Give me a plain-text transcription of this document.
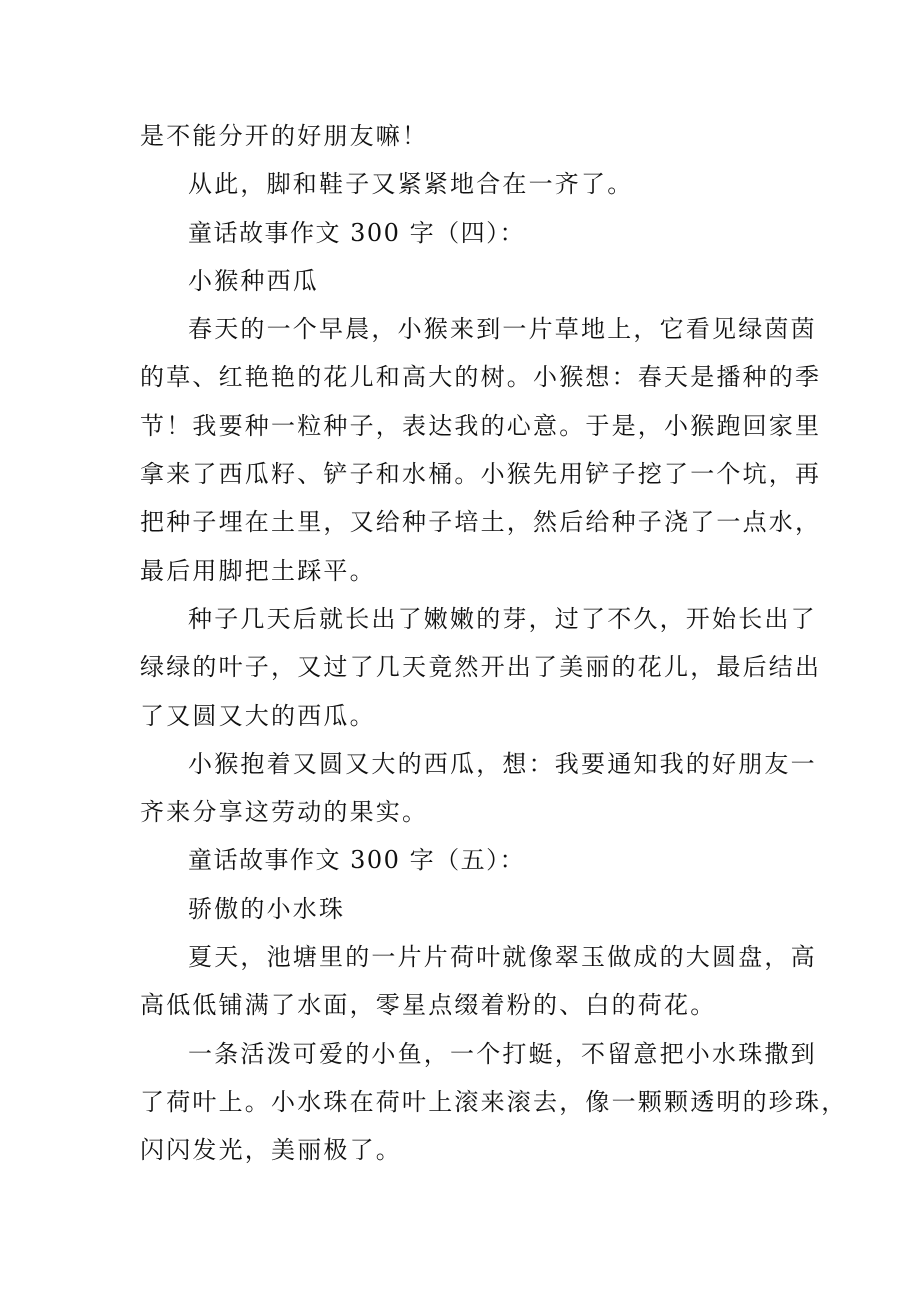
是不能分开的好朋友嘛！
从此，脚和鞋子又紧紧地合在一齐了。
童话故事作文 300 字（四）：
小猴种西瓜
春天的一个早晨，小猴来到一片草地上，它看见绿茵茵
的草、红艳艳的花儿和高大的树。小猴想：春天是播种的季
节！我要种一粒种子，表达我的心意。于是，小猴跑回家里
拿来了西瓜籽、铲子和水桶。小猴先用铲子挖了一个坑，再
把种子埋在土里，又给种子培土，然后给种子浇了一点水，
最后用脚把土踩平。
种子几天后就长出了嫩嫩的芽，过了不久，开始长出了
绿绿的叶子，又过了几天竟然开出了美丽的花儿，最后结出
了又圆又大的西瓜。
小猴抱着又圆又大的西瓜，想：我要通知我的好朋友一
齐来分享这劳动的果实。
童话故事作文 300 字（五）：
骄傲的小水珠
夏天，池塘里的一片片荷叶就像翠玉做成的大圆盘，高
高低低铺满了水面，零星点缀着粉的、白的荷花。
一条活泼可爱的小鱼，一个打蜓，不留意把小水珠撒到
了荷叶上。小水珠在荷叶上滚来滚去，像一颗颗透明的珍珠，
闪闪发光，美丽极了。
